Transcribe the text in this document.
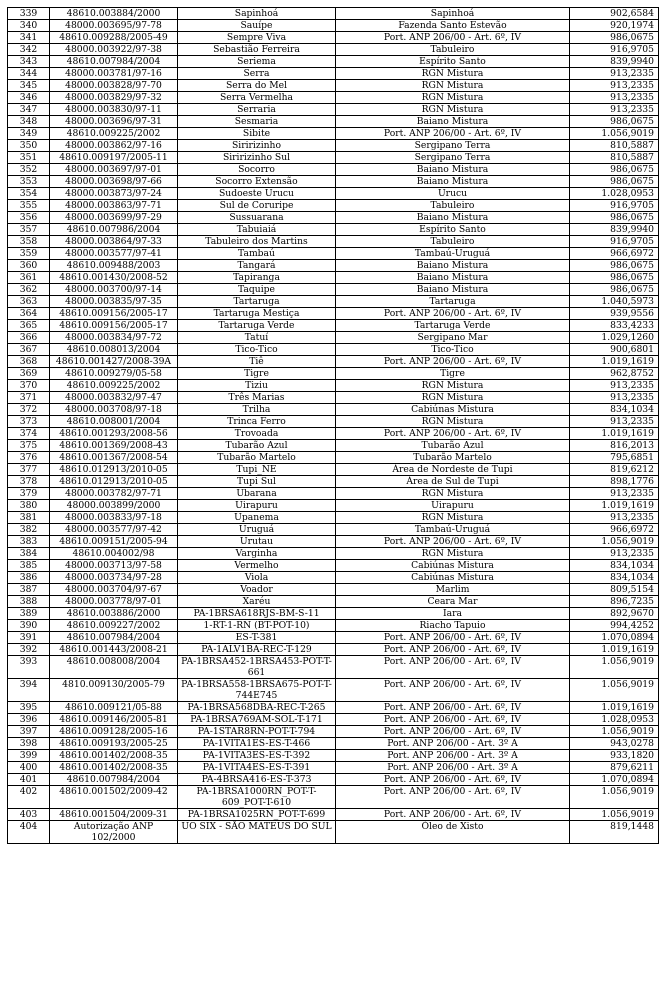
339	48610.003884/2000	Sapinhoá	Sapinhoá	902,6584
340	48000.003695/97-78	Sauípe	Fazenda Santo Estevão	920,1974
341	48610.009288/2005-49	Sempre Viva	Port. ANP 206/00 - Art. 6º, IV	986,0675
342	48000.003922/97-38	Sebastião Ferreira	Tabuleiro	916,9705
343	48610.007984/2004	Seriema	Espírito Santo	839,9940
344	48000.003781/97-16	Serra	RGN Mistura	913,2335
345	48000.003828/97-70	Serra do Mel	RGN Mistura	913,2335
346	48000.003829/97-32	Serra Vermelha	RGN Mistura	913,2335
347	48000.003830/97-11	Serraria	RGN Mistura	913,2335
348	48000.003696/97-31	Sesmaria	Baiano Mistura	986,0675
349	48610.009225/2002	Sibite	Port. ANP 206/00 - Art. 6º, IV	1.056,9019
350	48000.003862/97-16	Siririzinho	Sergipano Terra	810,5887
351	48610.009197/2005-11	Siririzinho Sul	Sergipano Terra	810,5887
352	48000.003697/97-01	Socorro	Baiano Mistura	986,0675
353	48000.003698/97-66	Socorro Extensão	Baiano Mistura	986,0675
354	48000.003873/97-24	Sudoeste Urucu	Urucu	1.028,0953
355	48000.003863/97-71	Sul de Coruripe	Tabuleiro	916,9705
356	48000.003699/97-29	Sussuarana	Baiano Mistura	986,0675
357	48610.007986/2004	Tabuiaiá	Espírito Santo	839,9940
358	48000.003864/97-33	Tabuleiro dos Martins	Tabuleiro	916,9705
359	48000.003577/97-41	Tambaú	Tambaú-Uruguá	966,6972
360	48610.009488/2003	Tangará	Baiano Mistura	986,0675
361	48610.001430/2008-52	Tapiranga	Baiano Mistura	986,0675
362	48000.003700/97-14	Taquipe	Baiano Mistura	986,0675
363	48000.003835/97-35	Tartaruga	Tartaruga	1.040,5973
364	48610.009156/2005-17	Tartaruga Mestiça	Port. ANP 206/00 - Art. 6º, IV	939,9556
365	48610.009156/2005-17	Tartaruga Verde	Tartaruga Verde	833,4233
366	48000.003834/97-72	Tatuí	Sergipano Mar	1.029,1260
367	48610.008013/2004	Tico-Tico	Tico-Tico	900,6801
368	48610.001427/2008-39A	Tiê	Port. ANP 206/00 - Art. 6º, IV	1.019,1619
369	48610.009279/05-58	Tigre	Tigre	962,8752
370	48610.009225/2002	Tiziu	RGN Mistura	913,2335
371	48000.003832/97-47	Três Marias	RGN Mistura	913,2335
372	48000.003708/97-18	Trilha	Cabiúnas Mistura	834,1034
373	48610.008001/2004	Trinca Ferro	RGN Mistura	913,2335
374	48610.001293/2008-56	Trovoada	Port. ANP 206/00 - Art. 6º, IV	1.019,1619
375	48610.001369/2008-43	Tubarão Azul	Tubarão Azul	816,2013
376	48610.001367/2008-54	Tubarão Martelo	Tubarão Martelo	795,6851
377	48610.012913/2010-05	Tupi_NE	Área de Nordeste de Tupi	819,6212
378	48610.012913/2010-05	Tupi Sul	Área de Sul de Tupi	898,1776
379	48000.003782/97-71	Ubarana	RGN Mistura	913,2335
380	48000.003899/2000	Uirapuru	Uirapuru	1.019,1619
381	48000.003833/97-18	Upanema	RGN Mistura	913,2335
382	48000.003577/97-42	Uruguá	Tambaú-Uruguá	966,6972
383	48610.009151/2005-94	Urutau	Port. ANP 206/00 - Art. 6º, IV	1.056,9019
384	48610.004002/98	Varginha	RGN Mistura	913,2335
385	48000.003713/97-58	Vermelho	Cabiúnas Mistura	834,1034
386	48000.003734/97-28	Viola	Cabiúnas Mistura	834,1034
387	48000.003704/97-67	Voador	Marlim	809,5154
388	48000.003778/97-01	Xaréu	Ceara Mar	896,7235
389	48610.003886/2000	PA-1BRSA618RJS-BM-S-11	Iara	892,9670
390	48610.009227/2002	1-RT-1-RN (BT-POT-10)	Riacho Tapuio	994,4252
391	48610.007984/2004	ES-T-381	Port. ANP 206/00 - Art. 6º, IV	1.070,0894
392	48610.001443/2008-21	PA-1ALV1BA-REC-T-129	Port. ANP 206/00 - Art. 6º, IV	1.019,1619
393	48610.008008/2004	PA-1BRSA452-1BRSA453-POT-T-661	Port. ANP 206/00 - Art. 6º, IV	1.056,9019
394	4810.009130/2005-79	PA-1BRSA558-1BRSA675-POT-T-744E745	Port. ANP 206/00 - Art. 6º, IV	1.056,9019
395	48610.009121/05-88	PA-1BRSA568DBA-REC-T-265	Port. ANP 206/00 - Art. 6º, IV	1.019,1619
396	48610.009146/2005-81	PA-1BRSA769AM-SOL-T-171	Port. ANP 206/00 - Art. 6º, IV	1.028,0953
397	48610.009128/2005-16	PA-1STAR8RN-POT-T-794	Port. ANP 206/00 - Art. 6º, IV	1.056,9019
398	48610.009193/2005-25	PA-1VITA1ES-ES-T-466	Port. ANP 206/00 - Art. 3º A	943,0278
399	48610.001402/2008-35	PA-1VITA3ES-ES-T-392	Port. ANP 206/00 - Art. 3º A	933,1820
400	48610.001402/2008-35	PA-1VITA4ES-ES-T-391	Port. ANP 206/00 - Art. 3º A	879,6211
401	48610.007984/2004	PA-4BRSA416-ES-T-373	Port. ANP 206/00 - Art. 6º, IV	1.070,0894
402	48610.001502/2009-42	PA-1BRSA1000RN_POT-T-609_POT-T-610	Port. ANP 206/00 - Art. 6º, IV	1.056,9019
403	48610.001504/2009-31	PA-1BRSA1025RN_POT-T-699	Port. ANP 206/00 - Art. 6º, IV	1.056,9019
404	Autorização ANP 102/2000	UO SIX - SÃO MATEUS DO SUL	Óleo de Xisto	819,1448
